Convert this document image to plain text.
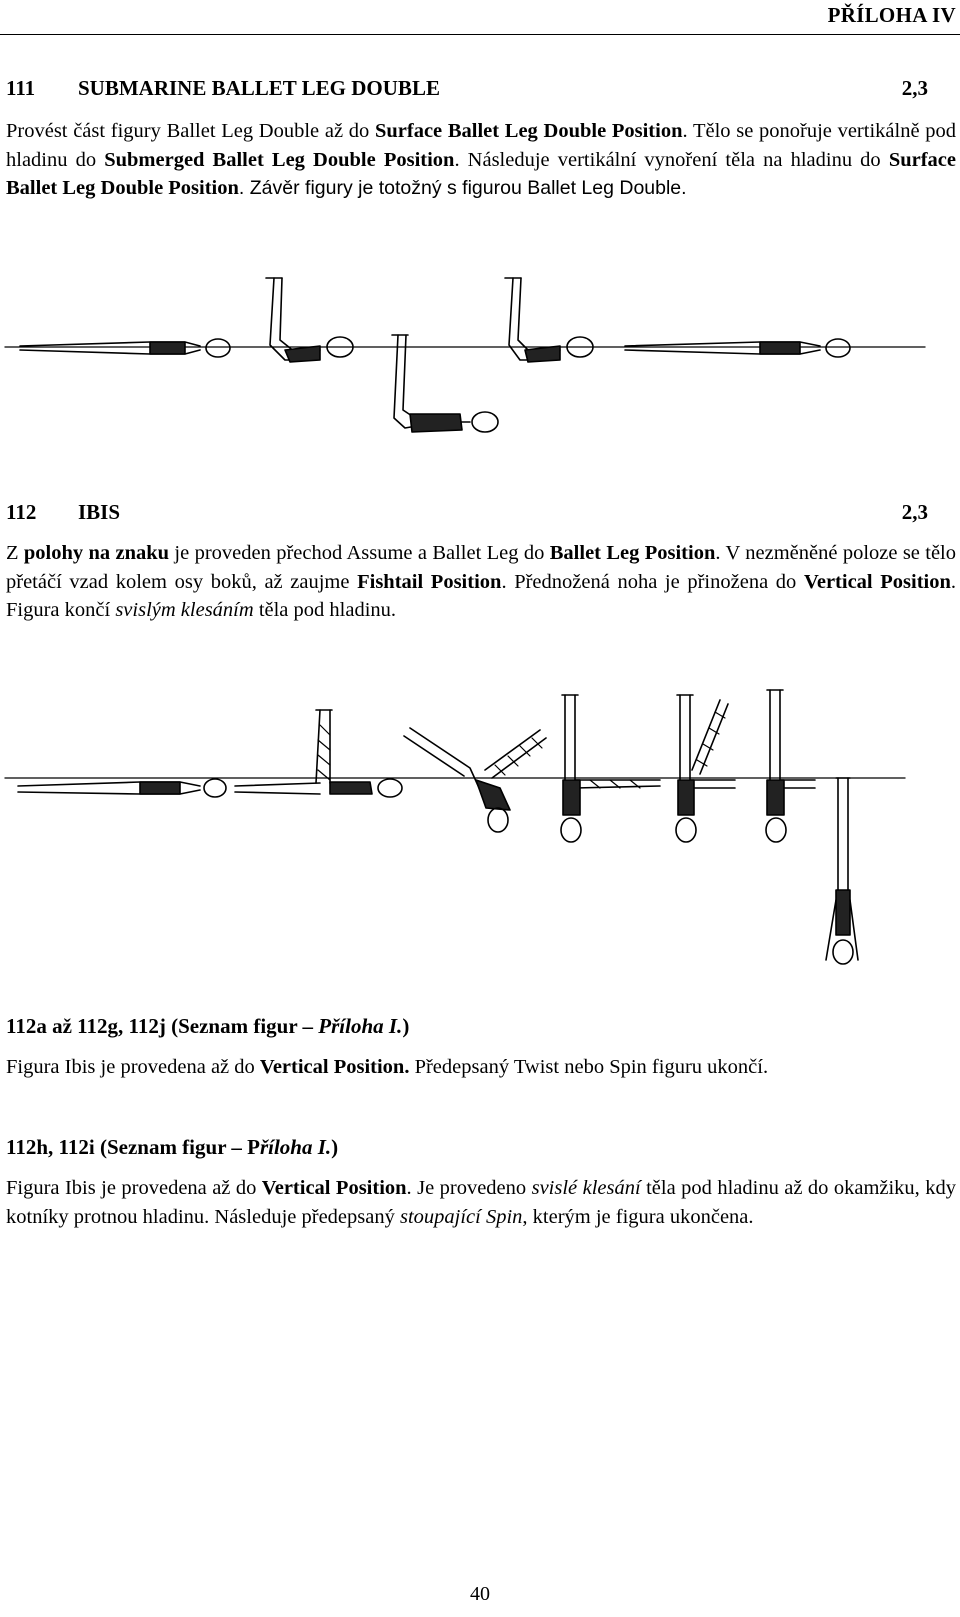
PŘÍLOHA IV
111 SUBMARINE BALLET LEG DOUBLE	2,3
Provést část figury Ballet Leg Double až do Surface Ballet Leg Double Position. Tělo se ponořuje vertikálně pod hladinu do Submerged Ballet Leg Double Position. Následuje vertikální vynoření těla na hladinu do Surface Ballet Leg Double Position. Závěr figury je totožný s figurou Ballet Leg Double.
112 IBIS	2,3
Z polohy na znaku je proveden přechod Assume a Ballet Leg do Ballet Leg Position. V nezměněné poloze se tělo přetáčí vzad kolem osy boků, až zaujme Fishtail Position. Přednožená noha je přinožena do Vertical Position. Figura končí svislým klesáním těla pod hladinu.
112a až 112g, 112j (Seznam figur – Příloha I.)
Figura Ibis je provedena až do Vertical Position. Předepsaný Twist nebo Spin figuru ukončí.
112h, 112i (Seznam figur – Příloha I.)
Figura Ibis je provedena až do Vertical Position. Je provedeno svislé klesání těla pod hladinu až do okamžiku, kdy kotníky protnou hladinu. Následuje předepsaný stoupající Spin, kterým je figura ukončena.
40
